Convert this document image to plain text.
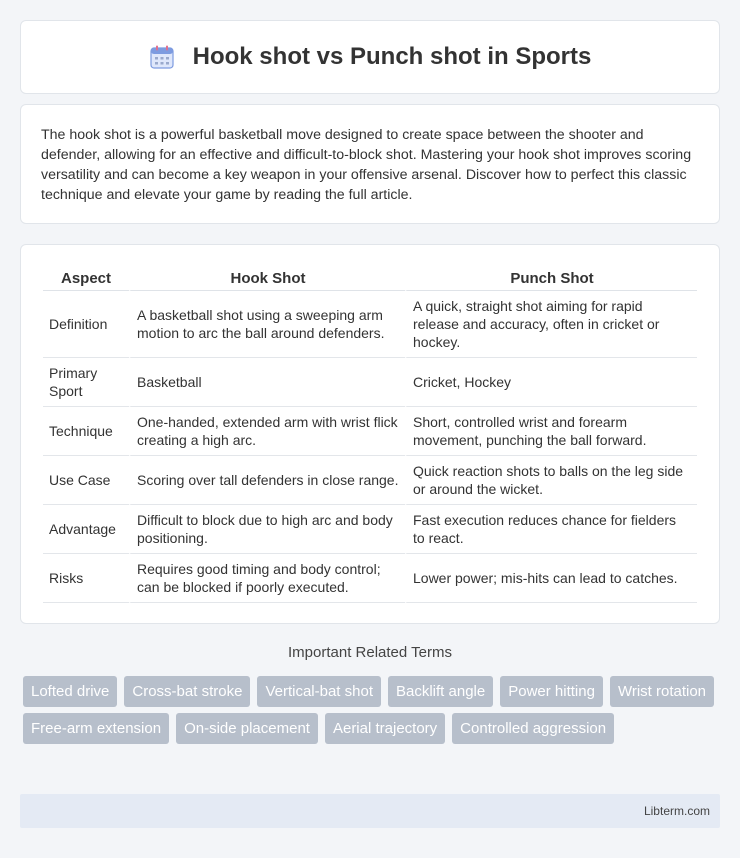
Hook shot vs Punch shot in Sports

The hook shot is a powerful basketball move designed to create space between the shooter and defender, allowing for an effective and difficult-to-block shot. Mastering your hook shot improves scoring versatility and can become a key weapon in your offensive arsenal. Discover how to perfect this classic technique and elevate your game by reading the full article.

Aspect	Hook Shot	Punch Shot
Definition	A basketball shot using a sweeping arm motion to arc the ball around defenders.	A quick, straight shot aiming for rapid release and accuracy, often in cricket or hockey.
Primary Sport	Basketball	Cricket, Hockey
Technique	One-handed, extended arm with wrist flick creating a high arc.	Short, controlled wrist and forearm movement, punching the ball forward.
Use Case	Scoring over tall defenders in close range.	Quick reaction shots to balls on the leg side or around the wicket.
Advantage	Difficult to block due to high arc and body positioning.	Fast execution reduces chance for fielders to react.
Risks	Requires good timing and body control; can be blocked if poorly executed.	Lower power; mis-hits can lead to catches.
Important Related Terms
Lofted drive	Cross-bat stroke	Vertical-bat shot	Backlift angle	Power hitting	Wrist rotation
Free-arm extension	On-side placement	Aerial trajectory	Controlled aggression
Libterm.com
